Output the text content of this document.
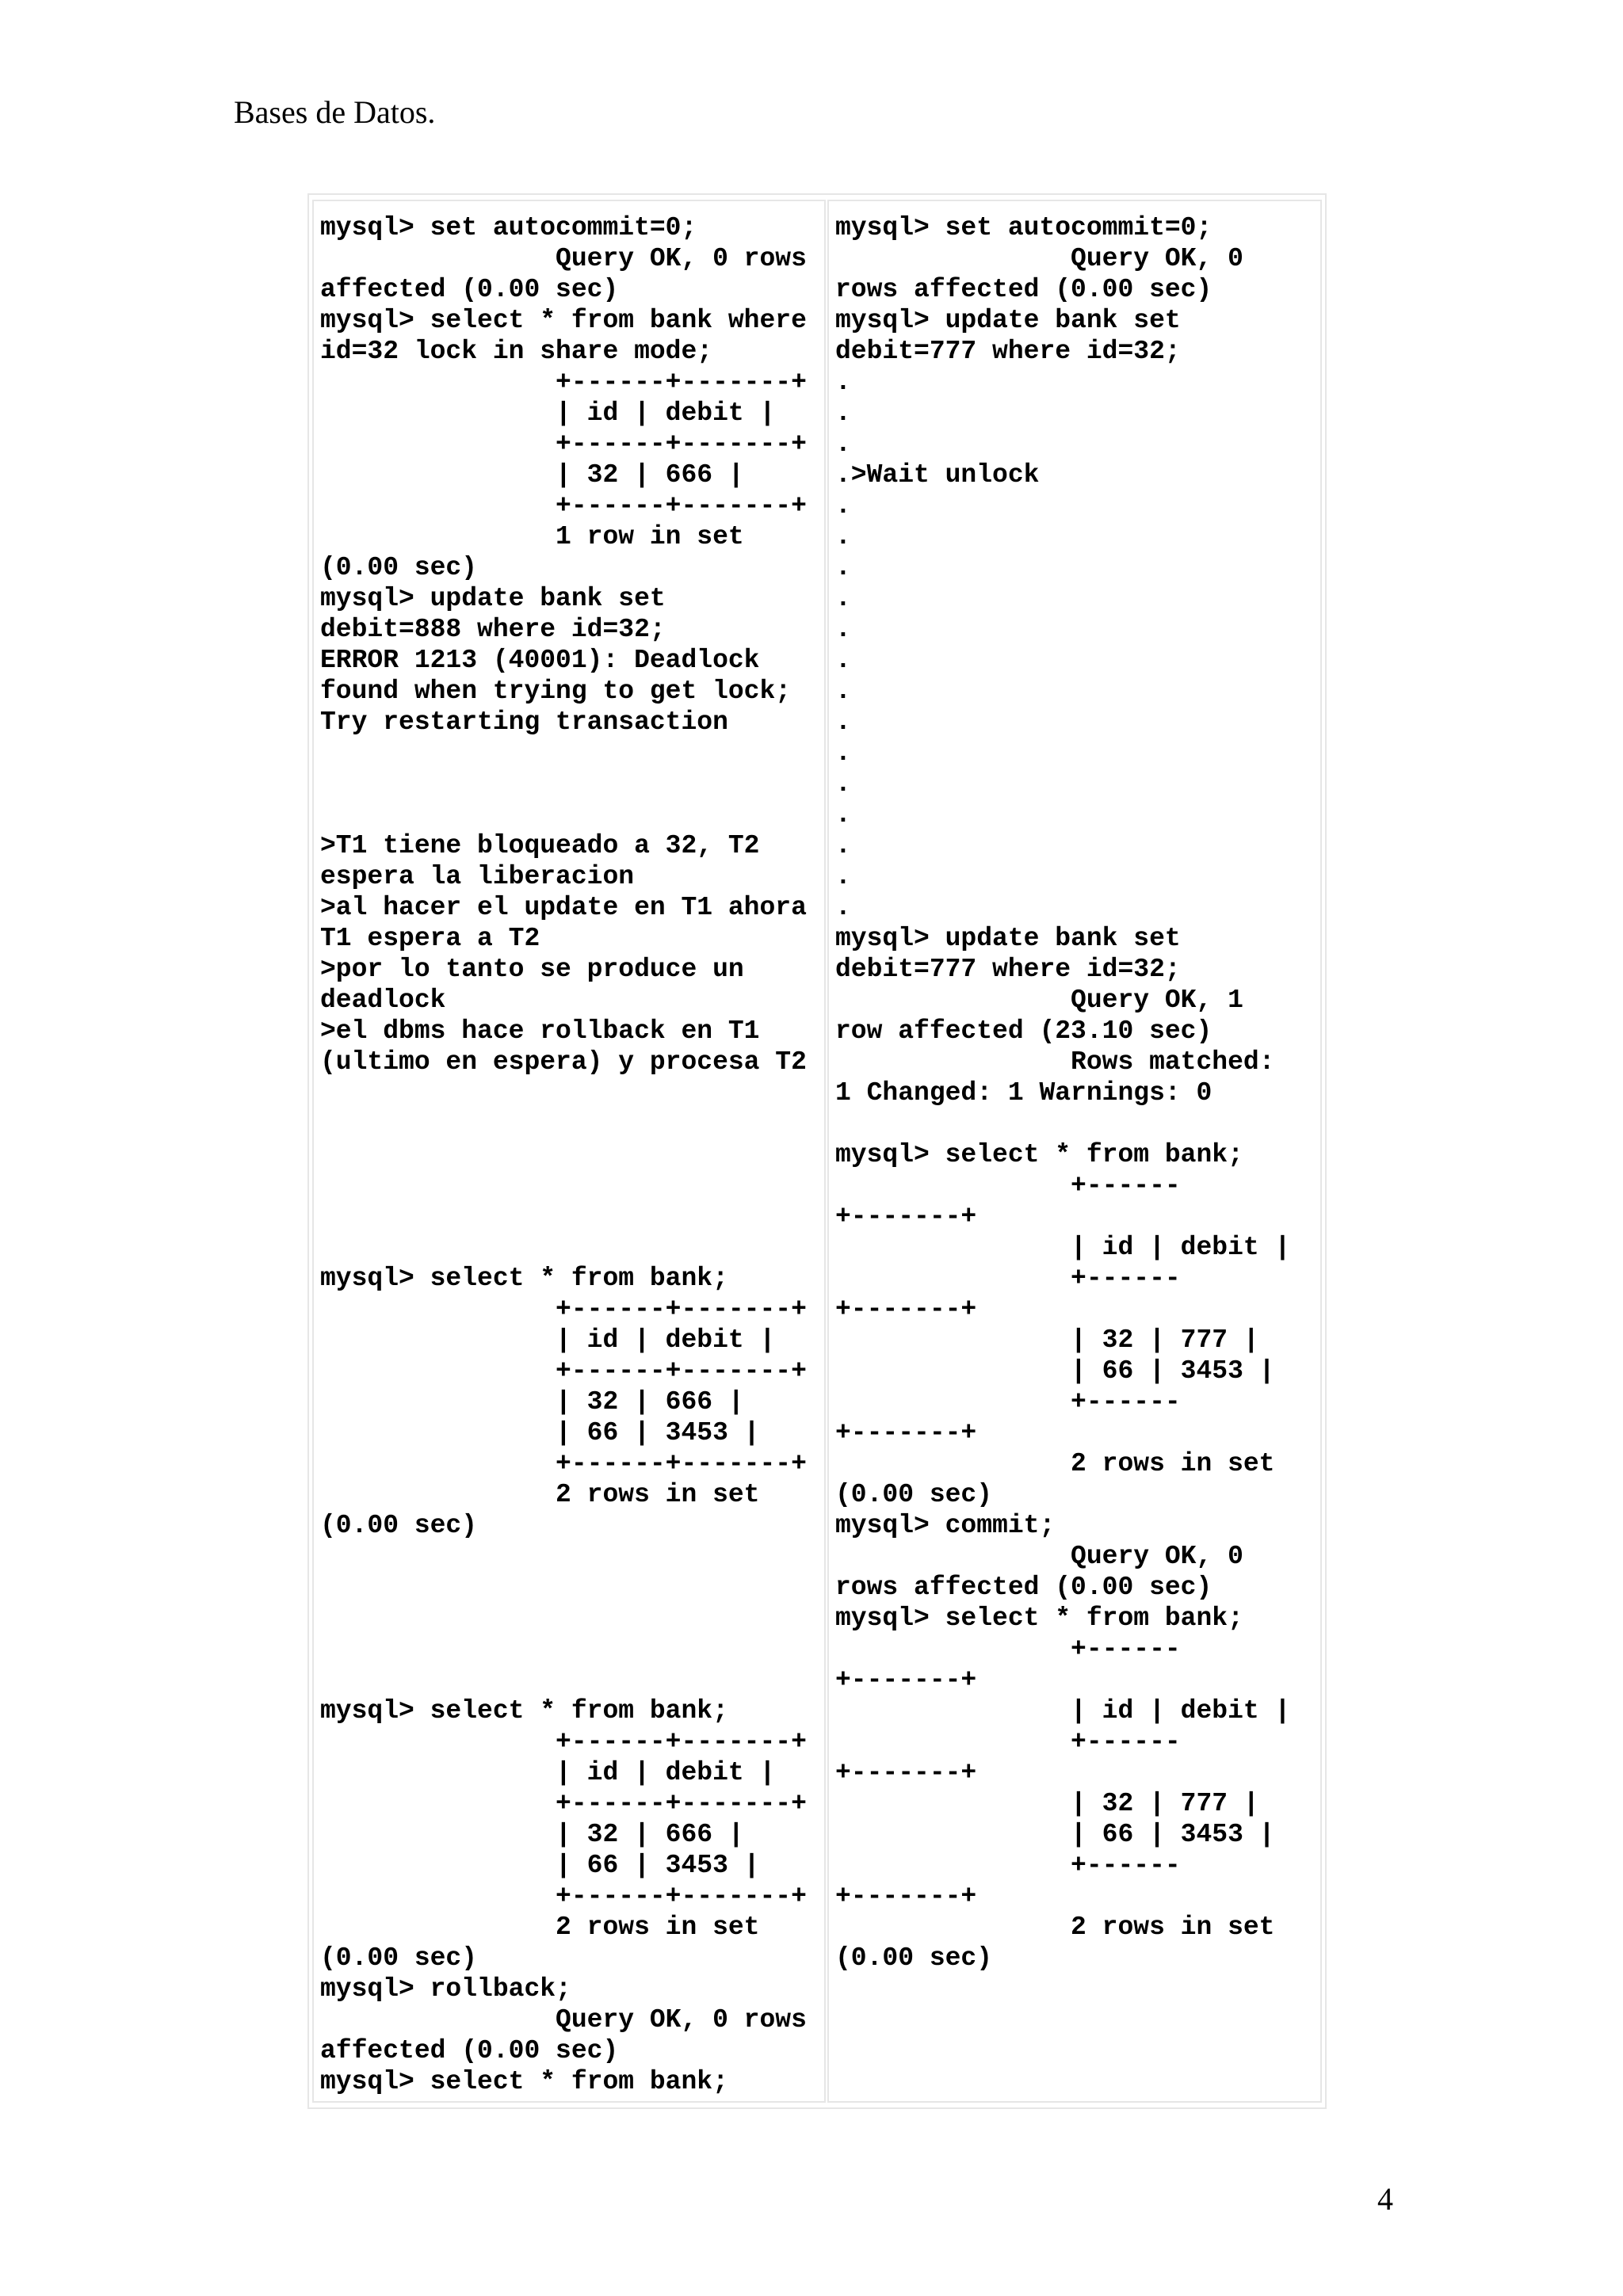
Bases de Datos.
mysql> set autocommit=0;
Query OK, 0 rows
affected (0.00 sec)
mysql> select * from bank where
id=32 lock in share mode;
+------+-------+
| id | debit |
+------+-------+
| 32 | 666 |
+------+-------+
1 row in set
(0.00 sec)
mysql> update bank set
debit=888 where id=32;
ERROR 1213 (40001): Deadlock
found when trying to get lock;
Try restarting transaction
>T1 tiene bloqueado a 32, T2
espera la liberacion
>al hacer el update en T1 ahora
T1 espera a T2
>por lo tanto se produce un
deadlock
>el dbms hace rollback en T1
(ultimo en espera) y procesa T2
mysql> select * from bank;
+------+-------+
| id | debit |
+------+-------+
| 32 | 666 |
| 66 | 3453 |
+------+-------+
2 rows in set
(0.00 sec)
mysql> select * from bank;
+------+-------+
| id | debit |
+------+-------+
| 32 | 666 |
| 66 | 3453 |
+------+-------+
2 rows in set
(0.00 sec)
mysql> rollback;
Query OK, 0 rows
affected (0.00 sec)
mysql> select * from bank;
mysql> set autocommit=0;
Query OK, 0
rows affected (0.00 sec)
mysql> update bank set
debit=777 where id=32;
.
.
.
.>Wait unlock
.
.
.
.
.
.
.
.
.
.
.
.
.
.
mysql> update bank set
debit=777 where id=32;
Query OK, 1
row affected (23.10 sec)
Rows matched:
1 Changed: 1 Warnings: 0
mysql> select * from bank;
+------
+-------+
| id | debit |
+------
+-------+
| 32 | 777 |
| 66 | 3453 |
+------
+-------+
2 rows in set
(0.00 sec)
mysql> commit;
Query OK, 0
rows affected (0.00 sec)
mysql> select * from bank;
+------
+-------+
| id | debit |
+------
+-------+
| 32 | 777 |
| 66 | 3453 |
+------
+-------+
2 rows in set
(0.00 sec)
4
